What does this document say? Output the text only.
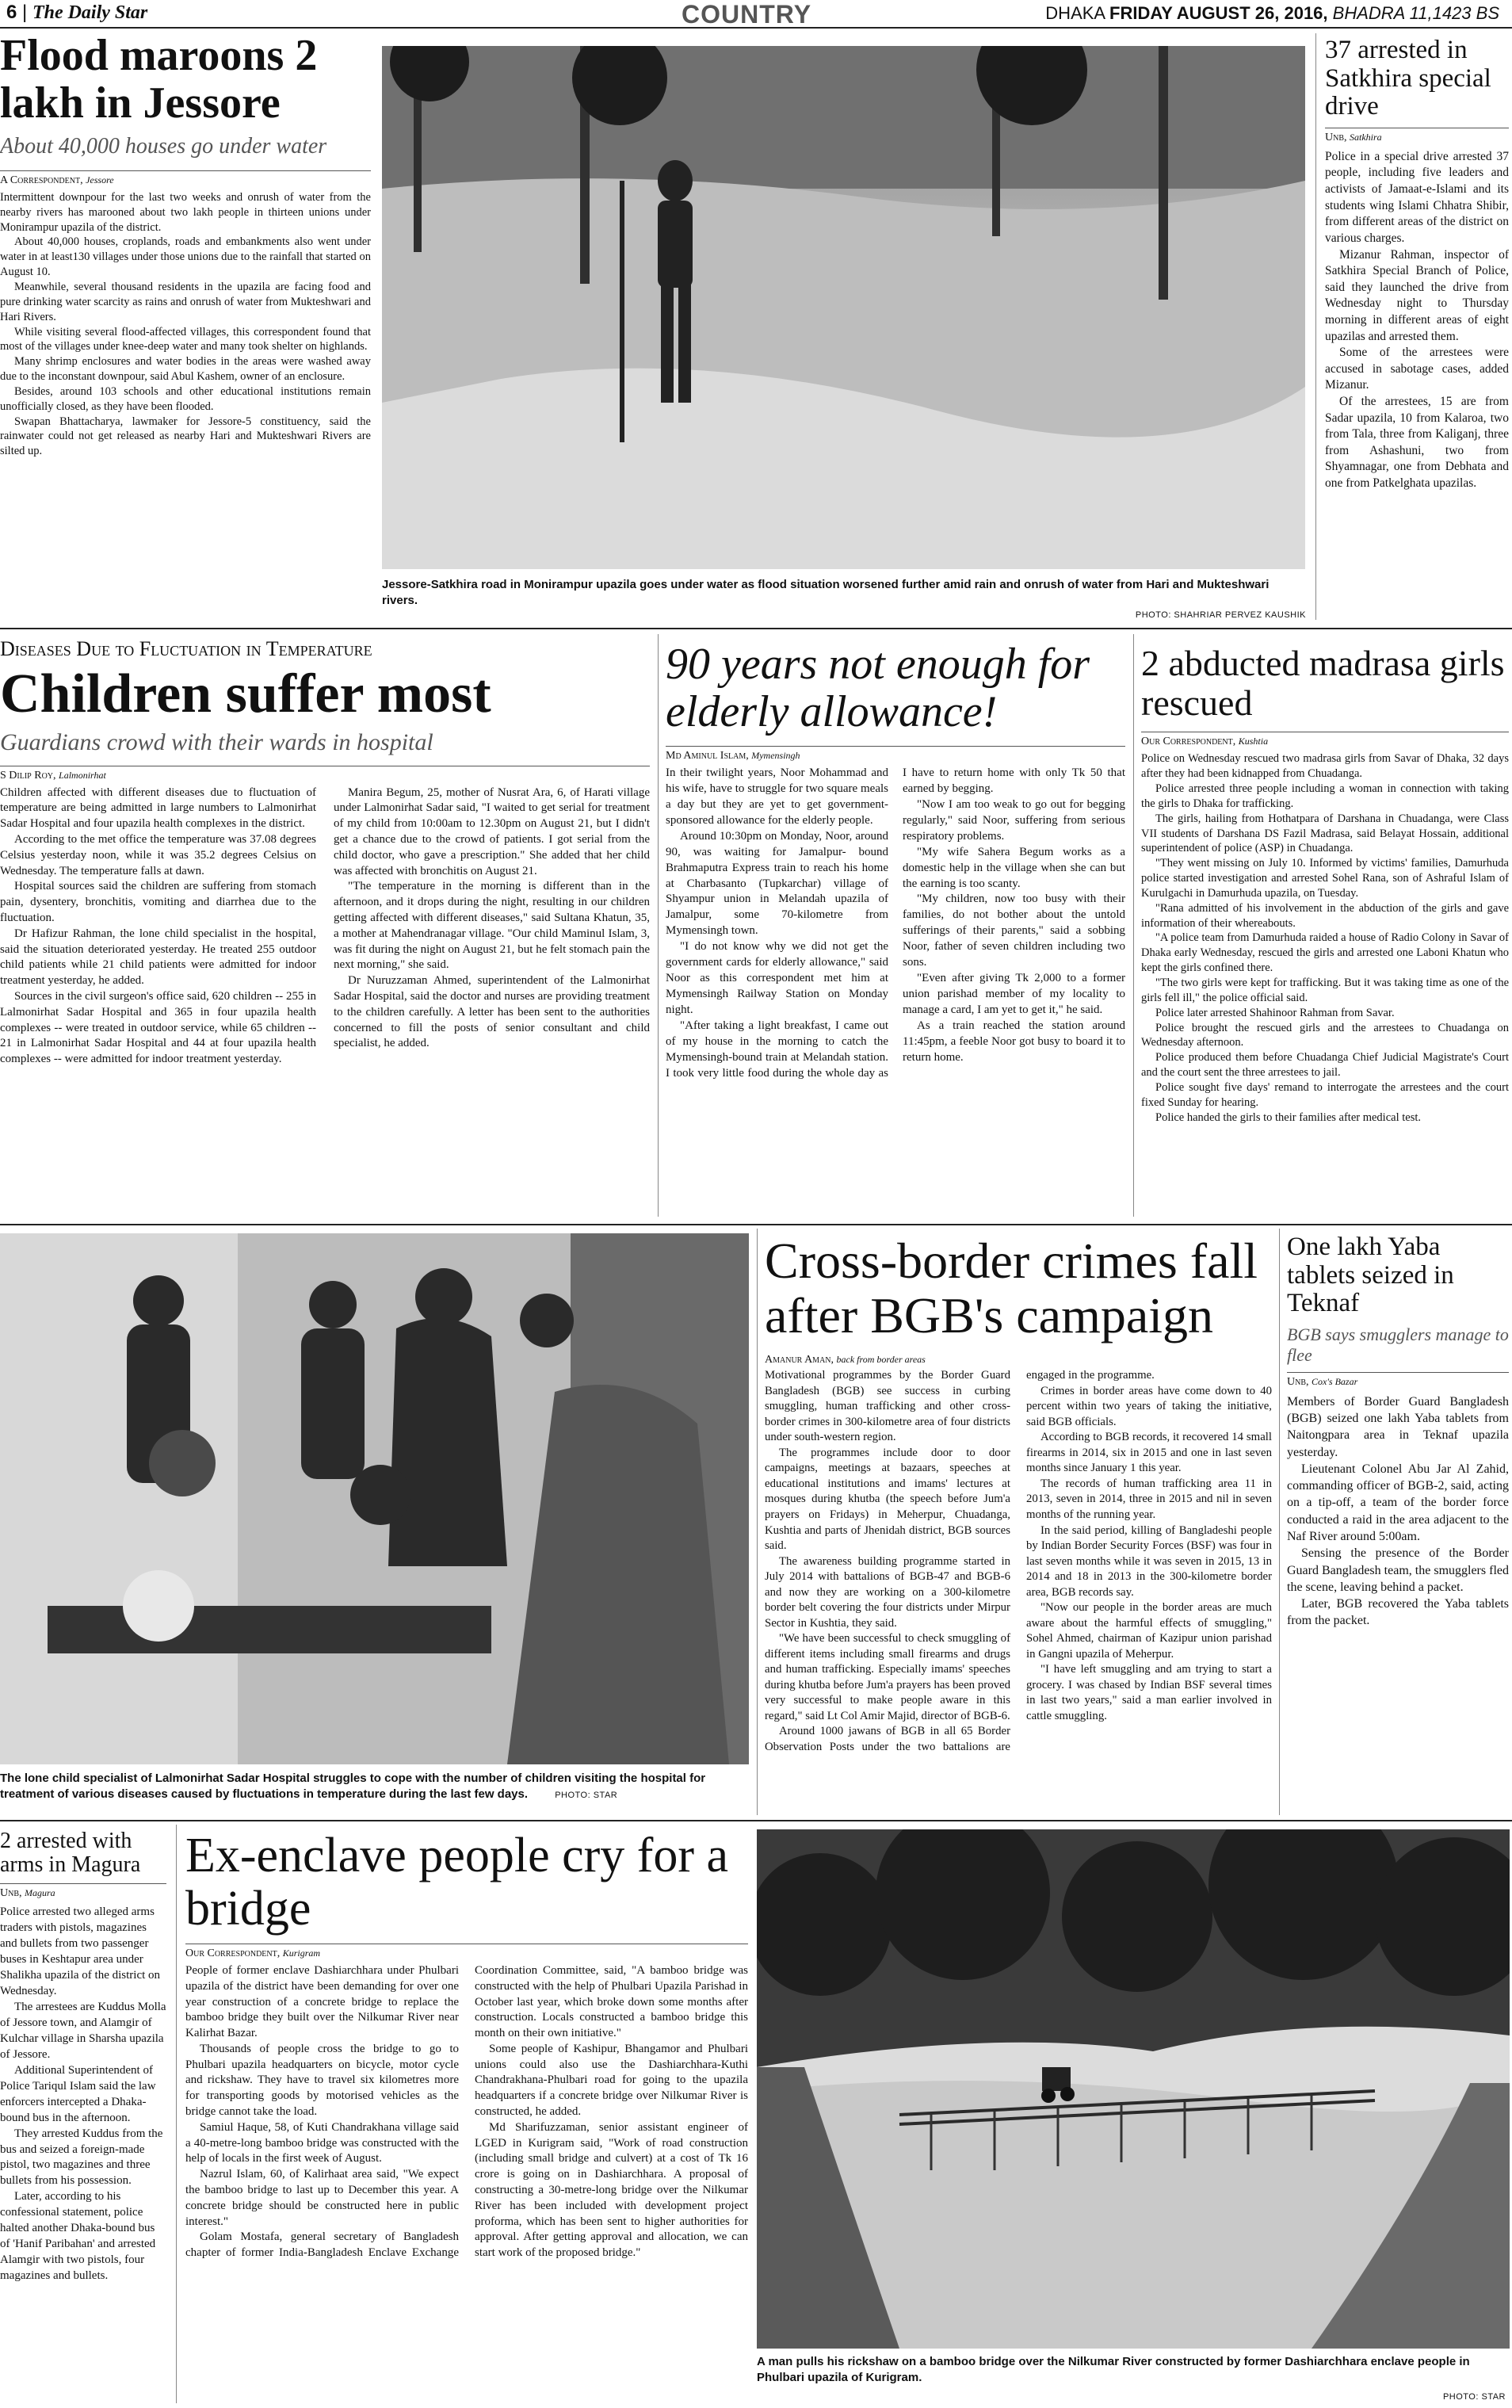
6 | The Daily Star	COUNTRY	DHAKA FRIDAY AUGUST 26, 2016, BHADRA 11,1423 BS
Flood maroons 2 lakh in Jessore

About 40,000 houses go under water

A Correspondent, Jessore

Intermittent downpour for the last two weeks and onrush of water from the nearby rivers has marooned about two lakh people in thirteen unions under Monirampur upazila of the district.

About 40,000 houses, croplands, roads and embankments also went under water in at least130 villages under those unions due to the rainfall that started on August 10.

Meanwhile, several thousand residents in the upazila are facing food and pure drinking water scarcity as rains and onrush of water from Mukteshwari and Hari Rivers.

While visiting several flood-affected villages, this correspondent found that most of the villages under knee-deep water and many took shelter on highlands.

Many shrimp enclosures and water bodies in the areas were washed away due to the inconstant downpour, said Abul Kashem, owner of an enclosure.

Besides, around 103 schools and other educational institutions remain unofficially closed, as they have been flooded.

Swapan Bhattacharya, lawmaker for Jessore-5 constituency, said the rainwater could not get released as nearby Hari and Mukteshwari Rivers are silted up.

Jessore-Satkhira road in Monirampur upazila goes under water as flood situation worsened further amid rain and onrush of water from Hari and Mukteshwari rivers.
PHOTO: SHAHRIAR PERVEZ KAUSHIK
37 arrested in Satkhira special drive
Unb, Satkhira

Police in a special drive arrested 37 people, including five leaders and activists of Jamaat-e-Islami and its students wing Islami Chhatra Shibir, from different areas of the district on various charges.

Mizanur Rahman, inspector of Satkhira Special Branch of Police, said they launched the drive from Wednesday night to Thursday morning in different areas of eight upazilas and arrested them.

Some of the arrestees were accused in sabotage cases, added Mizanur.

Of the arrestees, 15 are from Sadar upazila, 10 from Kalaroa, two from Tala, three from Kaliganj, three from Ashashuni, two from Shyamnagar, one from Debhata and one from Patkelghata upazilas.

Diseases Due to Fluctuation in Temperature
Children suffer most

Guardians crowd with their wards in hospital

S Dilip Roy, Lalmonirhat

Children affected with different diseases due to fluctuation of temperature are being admitted in large numbers to Lalmonirhat Sadar Hospital and four upazila health complexes in the district.

According to the met office the temperature was 37.08 degrees Celsius yesterday noon, while it was 35.2 degrees Celsius on Wednesday. The temperature falls at dawn.

Hospital sources said the children are suffering from stomach pain, dysentery, bronchitis, vomiting and diarrhea due to the fluctuation.

Dr Hafizur Rahman, the lone child specialist in the hospital, said the situation deteriorated yesterday. He treated 255 outdoor child patients while 21 child patients were admitted for indoor treatment yesterday, he added.

Sources in the civil surgeon's office said, 620 children -- 255 in Lalmonirhat Sadar Hospital and 365 in four upazila health complexes -- were treated in outdoor service, while 65 children -- 21 in Lalmonirhat Sadar Hospital and 44 at four upazila health complexes -- were admitted for indoor treatment yesterday.

Manira Begum, 25, mother of Nusrat Ara, 6, of Harati village under Lalmonirhat Sadar said, "I waited to get serial for treatment of my child from 10:00am to 12.30pm on August 21, but I didn't get a chance due to the crowd of patients. I got serial from the child doctor, who gave a prescription." She added that her child was affected with bronchitis on August 21.

"The temperature in the morning is different than in the afternoon, and it drops during the night, resulting in our children getting affected with different diseases," said Sultana Khatun, 35, a mother at Mahendranagar village. "Our child Maminul Islam, 3, was fit during the night on August 21, but he felt stomach pain the next morning," she said.

Dr Nuruzzaman Ahmed, superintendent of the Lalmonirhat Sadar Hospital, said the doctor and nurses are providing treatment to the children carefully. A letter has been sent to the authorities concerned to fill the posts of senior consultant and child specialist, he added.

90 years not enough for elderly allowance!
Md Aminul Islam, Mymensingh

In their twilight years, Noor Mohammad and his wife, have to struggle for two square meals a day but they are yet to get government-sponsored allowance for the elderly people.

Around 10:30pm on Monday, Noor, around 90, was waiting for Jamalpur- bound Brahmaputra Express train to reach his home at Charbasanto (Tupkarchar) village of Shyampur union in Melandah upazila of Jamalpur, some 70-kilometre from Mymensingh town.

"I do not know why we did not get the government cards for elderly allowance," said Noor as this correspondent met him at Mymensingh Railway Station on Monday night.

"After taking a light breakfast, I came out of my house in the morning to catch the Mymensingh-bound train at Melandah station. I took very little food during the whole day as I have to return home with only Tk 50 that earned by begging.

"Now I am too weak to go out for begging regularly," said Noor, suffering from serious respiratory problems.

"My wife Sahera Begum works as a domestic help in the village when she can but the earning is too scanty.

"My children, now too busy with their families, do not bother about the untold sufferings of their parents," said a sobbing Noor, father of seven children including two sons.

"Even after giving Tk 2,000 to a former union parishad member of my locality to manage a card, I am yet to get it," he said.

As a train reached the station around 11:45pm, a feeble Noor got busy to board it to return home.

2 abducted madrasa girls rescued
Our Correspondent, Kushtia

Police on Wednesday rescued two madrasa girls from Savar of Dhaka, 32 days after they had been kidnapped from Chuadanga.

Police arrested three people including a woman in connection with taking the girls to Dhaka for trafficking.

The girls, hailing from Hothatpara of Darshana in Chuadanga, were Class VII students of Darshana DS Fazil Madrasa, said Belayat Hossain, additional superintendent of police (ASP) in Chuadanga.

"They went missing on July 10. Informed by victims' families, Damurhuda police started investigation and arrested Sohel Rana, son of Ashraful Islam of Kurulgachi in Damurhuda upazila, on Tuesday.

"Rana admitted of his involvement in the abduction of the girls and gave information of their whereabouts.

"A police team from Damurhuda raided a house of Radio Colony in Savar of Dhaka early Wednesday, rescued the girls and arrested one Laboni Khatun who kept the girls confined there.

"The two girls were kept for trafficking. But it was taking time as one of the girls fell ill," the police official said.

Police later arrested Shahinoor Rahman from Savar.

Police brought the rescued girls and the arrestees to Chuadanga on Wednesday afternoon.

Police produced them before Chuadanga Chief Judicial Magistrate's Court and the court sent the three arrestees to jail.

Police sought five days' remand to interrogate the arrestees and the court fixed Sunday for hearing.

Police handed the girls to their families after medical test.

The lone child specialist of Lalmonirhat Sadar Hospital struggles to cope with the number of children visiting the hospital for treatment of various diseases caused by fluctuations in temperature during the last few days.	PHOTO: STAR
Cross-border crimes fall after BGB's campaign
Amanur Aman, back from border areas

Motivational programmes by the Border Guard Bangladesh (BGB) see success in curbing smuggling, human trafficking and other cross-border crimes in 300-kilometre area of four districts under south-western region.

The programmes include door to door campaigns, meetings at bazaars, speeches at educational institutions and imams' lectures at mosques during khutba (the speech before Jum'a prayers on Fridays) in Meherpur, Chuadanga, Kushtia and parts of Jhenidah district, BGB sources said.

The awareness building programme started in July 2014 with battalions of BGB-47 and BGB-6 and now they are working on a 300-kilometre border belt covering the four districts under Mirpur Sector in Kushtia, they said.

"We have been successful to check smuggling of different items including small firearms and drugs and human trafficking. Especially imams' speeches during khutba before Jum'a prayers has been proved very successful to make people aware in this regard," said Lt Col Amir Majid, director of BGB-6.

Around 1000 jawans of BGB in all 65 Border Observation Posts under the two battalions are engaged in the programme.

Crimes in border areas have come down to 40 percent within two years of taking the initiative, said BGB officials.

According to BGB records, it recovered 14 small firearms in 2014, six in 2015 and one in last seven months since January 1 this year.

The records of human trafficking area 11 in 2013, seven in 2014, three in 2015 and nil in seven months of the running year.

In the said period, killing of Bangladeshi people by Indian Border Security Forces (BSF) was four in last seven months while it was seven in 2015, 13 in 2014 and 18 in 2013 in the 300-kilometre border area, BGB records say.

"Now our people in the border areas are much aware about the harmful effects of smuggling," Sohel Ahmed, chairman of Kazipur union parishad in Gangni upazila of Meherpur.

"I have left smuggling and am trying to start a grocery. I was chased by Indian BSF several times in last two years," said a man earlier involved in cattle smuggling.

One lakh Yaba tablets seized in Teknaf

BGB says smugglers manage to flee

Unb, Cox's Bazar

Members of Border Guard Bangladesh (BGB) seized one lakh Yaba tablets from Naitongpara area in Teknaf upazila yesterday.

Lieutenant Colonel Abu Jar Al Zahid, commanding officer of BGB-2, said, acting on a tip-off, a team of the border force conducted a raid in the area adjacent to the Naf River around 5:00am.

Sensing the presence of the Border Guard Bangladesh team, the smugglers fled the scene, leaving behind a packet.

Later, BGB recovered the Yaba tablets from the packet.

2 arrested with arms in Magura
Unb, Magura

Police arrested two alleged arms traders with pistols, magazines and bullets from two passenger buses in Keshtapur area under Shalikha upazila of the district on Wednesday.

The arrestees are Kuddus Molla of Jessore town, and Alamgir of Kulchar village in Sharsha upazila of Jessore.

Additional Superintendent of Police Tariqul Islam said the law enforcers intercepted a Dhaka-bound bus in the afternoon.

They arrested Kuddus from the bus and seized a foreign-made pistol, two magazines and three bullets from his possession.

Later, according to his confessional statement, police halted another Dhaka-bound bus of 'Hanif Paribahan' and arrested Alamgir with two pistols, four magazines and bullets.

Ex-enclave people cry for a bridge
Our Correspondent, Kurigram

People of former enclave Dashiarchhara under Phulbari upazila of the district have been demanding for over one year construction of a concrete bridge to replace the bamboo bridge they built over the Nilkumar River near Kalirhat Bazar.

Thousands of people cross the bridge to go to Phulbari upazila headquarters on bicycle, motor cycle and rickshaw. They have to travel six kilometres more for transporting goods by motorised vehicles as the bridge cannot take the load.

Samiul Haque, 58, of Kuti Chandrakhana village said a 40-metre-long bamboo bridge was constructed with the help of locals in the first week of August.

Nazrul Islam, 60, of Kalirhaat area said, "We expect the bamboo bridge to last up to December this year. A concrete bridge should be constructed here in public interest."

Golam Mostafa, general secretary of Bangladesh chapter of former India-Bangladesh Enclave Exchange Coordination Committee, said, "A bamboo bridge was constructed with the help of Phulbari Upazila Parishad in October last year, which broke down some months after construction. Locals constructed a bamboo bridge this month on their own initiative."

Some people of Kashipur, Bhangamor and Phulbari unions could also use the Dashiarchhara-Kuthi Chandrakhana-Phulbari road for going to the upazila headquarters if a concrete bridge over Nilkumar River is constructed, he added.

Md Sharifuzzaman, senior assistant engineer of LGED in Kurigram said, "Work of road construction (including small bridge and culvert) at a cost of Tk 16 crore is going on in Dashiarchhara. A proposal of constructing a 30-metre-long bridge over the Nilkumar River has been included with development project proforma, which has been sent to higher authorities for approval. After getting approval and allocation, we can start work of the proposed bridge."

A man pulls his rickshaw on a bamboo bridge over the Nilkumar River constructed by former Dashiarchhara enclave people in Phulbari upazila of Kurigram.
PHOTO: STAR
